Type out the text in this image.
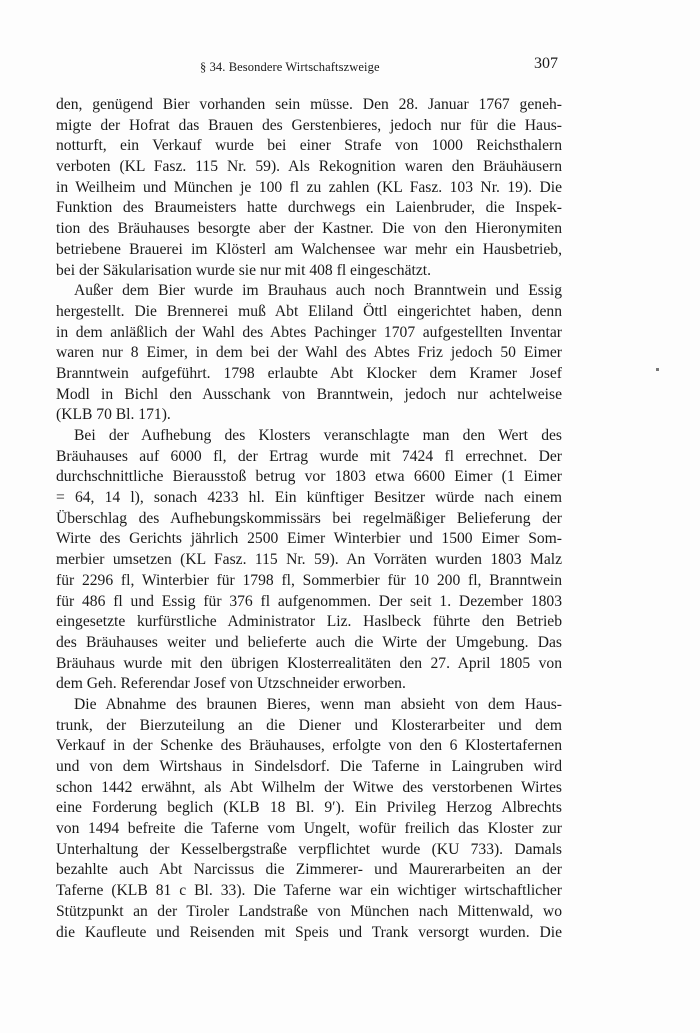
§ 34. Besondere Wirtschaftszweige	307
den, genügend Bier vorhanden sein müsse. Den 28. Januar 1767 geneh-
migte der Hofrat das Brauen des Gerstenbieres, jedoch nur für die Haus-
notturft, ein Verkauf wurde bei einer Strafe von 1000 Reichsthalern
verboten (KL Fasz. 115 Nr. 59). Als Rekognition waren den Bräuhäusern
in Weilheim und München je 100 fl zu zahlen (KL Fasz. 103 Nr. 19). Die
Funktion des Braumeisters hatte durchwegs ein Laienbruder, die Inspek-
tion des Bräuhauses besorgte aber der Kastner. Die von den Hieronymiten
betriebene Brauerei im Klösterl am Walchensee war mehr ein Hausbetrieb,
bei der Säkularisation wurde sie nur mit 408 fl eingeschätzt.
Außer dem Bier wurde im Brauhaus auch noch Branntwein und Essig
hergestellt. Die Brennerei muß Abt Eliland Öttl eingerichtet haben, denn
in dem anläßlich der Wahl des Abtes Pachinger 1707 aufgestellten Inventar
waren nur 8 Eimer, in dem bei der Wahl des Abtes Friz jedoch 50 Eimer
Branntwein aufgeführt. 1798 erlaubte Abt Klocker dem Kramer Josef
Modl in Bichl den Ausschank von Branntwein, jedoch nur achtelweise
(KLB 70 Bl. 171).
Bei der Aufhebung des Klosters veranschlagte man den Wert des
Bräuhauses auf 6000 fl, der Ertrag wurde mit 7424 fl errechnet. Der
durchschnittliche Bierausstoß betrug vor 1803 etwa 6600 Eimer (1 Eimer
= 64, 14 l), sonach 4233 hl. Ein künftiger Besitzer würde nach einem
Überschlag des Aufhebungskommissärs bei regelmäßiger Belieferung der
Wirte des Gerichts jährlich 2500 Eimer Winterbier und 1500 Eimer Som-
merbier umsetzen (KL Fasz. 115 Nr. 59). An Vorräten wurden 1803 Malz
für 2296 fl, Winterbier für 1798 fl, Sommerbier für 10 200 fl, Branntwein
für 486 fl und Essig für 376 fl aufgenommen. Der seit 1. Dezember 1803
eingesetzte kurfürstliche Administrator Liz. Haslbeck führte den Betrieb
des Bräuhauses weiter und belieferte auch die Wirte der Umgebung. Das
Bräuhaus wurde mit den übrigen Klosterrealitäten den 27. April 1805 von
dem Geh. Referendar Josef von Utzschneider erworben.
Die Abnahme des braunen Bieres, wenn man absieht von dem Haus-
trunk, der Bierzuteilung an die Diener und Klosterarbeiter und dem
Verkauf in der Schenke des Bräuhauses, erfolgte von den 6 Klostertafernen
und von dem Wirtshaus in Sindelsdorf. Die Taferne in Laingruben wird
schon 1442 erwähnt, als Abt Wilhelm der Witwe des verstorbenen Wirtes
eine Forderung beglich (KLB 18 Bl. 9′). Ein Privileg Herzog Albrechts
von 1494 befreite die Taferne vom Ungelt, wofür freilich das Kloster zur
Unterhaltung der Kesselbergstraße verpflichtet wurde (KU 733). Damals
bezahlte auch Abt Narcissus die Zimmerer- und Maurerarbeiten an der
Taferne (KLB 81 c Bl. 33). Die Taferne war ein wichtiger wirtschaftlicher
Stützpunkt an der Tiroler Landstraße von München nach Mittenwald, wo
die Kaufleute und Reisenden mit Speis und Trank versorgt wurden. Die
